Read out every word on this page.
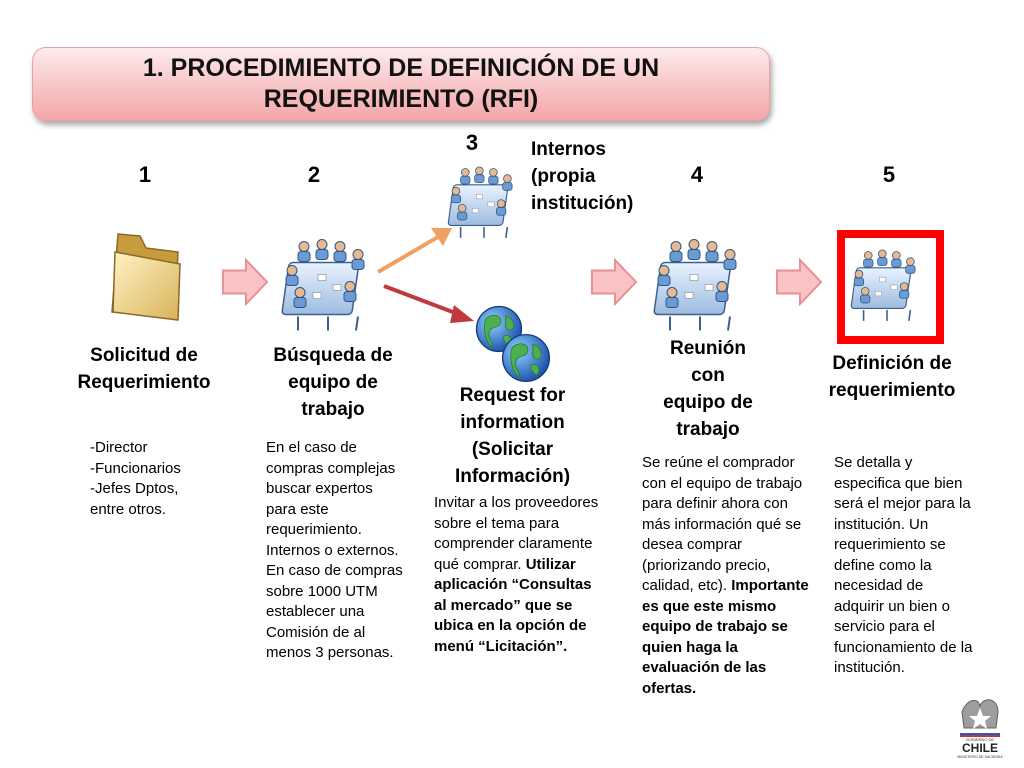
1. PROCEDIMIENTO DE DEFINICIÓN DE UN
REQUERIMIENTO (RFI)
1	2
3
4	5
Internos
(propia
institución)
GOBIERNO DE
CHILE
MINISTERIO DE HACIENDA
Solicitud de
Requerimiento
Búsqueda de
equipo de
trabajo
Request for
information
(Solicitar
Información)
Reunión
con
equipo de
trabajo
Definición de
requerimiento
-Director
-Funcionarios
-Jefes Dptos,
entre otros.
En el caso de compras complejas buscar expertos para este requerimiento. Internos o externos. En caso de compras sobre 1000 UTM establecer una Comisión de al menos 3 personas.
Invitar a los proveedores sobre el tema para comprender claramente qué comprar. Utilizar aplicación “Consultas al mercado” que se ubica en la opción de menú “Licitación”.
Se reúne el comprador con el equipo de trabajo para definir ahora con más información qué se desea comprar (priorizando precio, calidad, etc). Importante es que este mismo equipo de trabajo se quien haga la evaluación de las ofertas.
Se detalla y especifica que bien será el mejor para la institución. Un requerimiento se define como la necesidad de adquirir un bien o servicio para el funcionamiento de la institución.
